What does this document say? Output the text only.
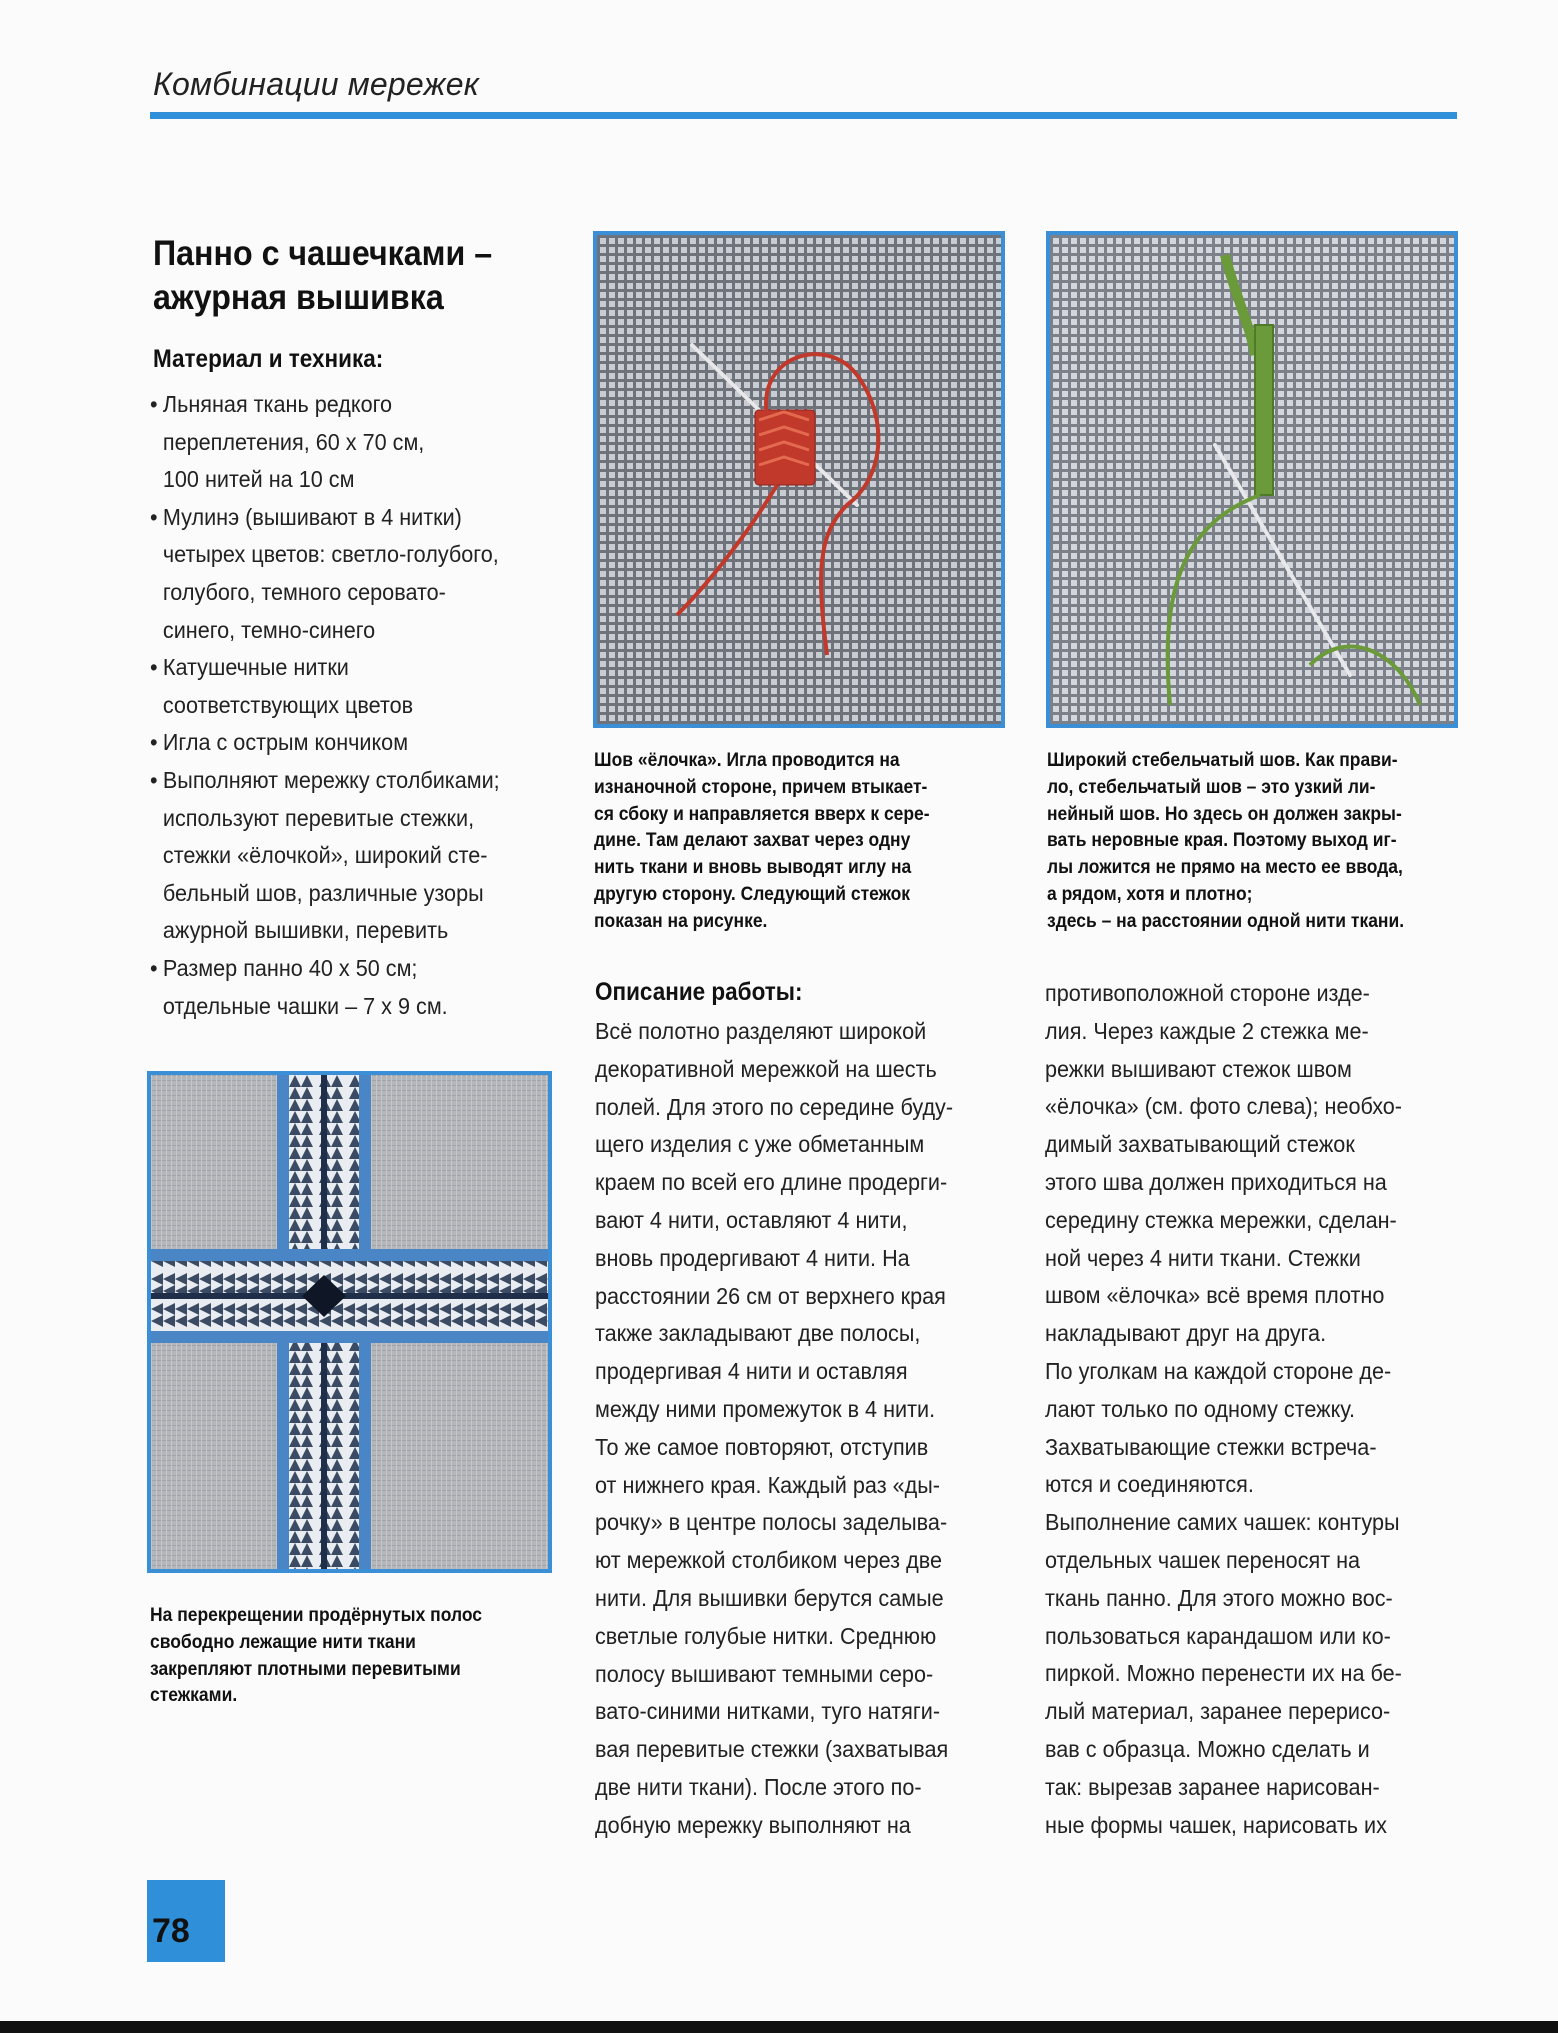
Комбинации мережек
Панно с чашечками –
ажурная вышивка
Материал и техника:
• Льняная ткань редкого
переплетения, 60 x 70 см,
100 нитей на 10 см
• Мулинэ (вышивают в 4 нитки)
четырех цветов: светло-голубого,
голубого, темного серовато-
синего, темно-синего
• Катушечные нитки
соответствующих цветов
• Игла с острым кончиком
• Выполняют мережку столбиками;
используют перевитые стежки,
стежки «ёлочкой», широкий сте-
бельный шов, различные узоры
ажурной вышивки, перевить
• Размер панно 40 x 50 см;
отдельные чашки – 7 x 9 см.
Шов «ёлочка». Игла проводится на
изнаночной стороне, причем втыкает-
ся сбоку и направляется вверх к сере-
дине. Там делают захват через одну
нить ткани и вновь выводят иглу на
другую сторону. Следующий стежок
показан на рисунке.
Широкий стебельчатый шов. Как прави-
ло, стебельчатый шов – это узкий ли-
нейный шов. Но здесь он должен закры-
вать неровные края. Поэтому выход иг-
лы ложится не прямо на место ее ввода,
а рядом, хотя и плотно;
здесь – на расстоянии одной нити ткани.
На перекрещении продёрнутых полос
свободно лежащие нити ткани
закрепляют плотными перевитыми
стежками.
Описание работы:
Всё полотно разделяют широкой
декоративной мережкой на шесть
полей. Для этого по середине буду-
щего изделия с уже обметанным
краем по всей его длине продерги-
вают 4 нити, оставляют 4 нити,
вновь продергивают 4 нити. На
расстоянии 26 см от верхнего края
также закладывают две полосы,
продергивая 4 нити и оставляя
между ними промежуток в 4 нити.
То же самое повторяют, отступив
от нижнего края. Каждый раз «ды-
рочку» в центре полосы заделыва-
ют мережкой столбиком через две
нити. Для вышивки берутся самые
светлые голубые нитки. Среднюю
полосу вышивают темными серо-
вато-синими нитками, туго натяги-
вая перевитые стежки (захватывая
две нити ткани). После этого по-
добную мережку выполняют на
противоположной стороне изде-
лия. Через каждые 2 стежка ме-
режки вышивают стежок швом
«ёлочка» (см. фото слева); необхо-
димый захватывающий стежок
этого шва должен приходиться на
середину стежка мережки, сделан-
ной через 4 нити ткани. Стежки
швом «ёлочка» всё время плотно
накладывают друг на друга.
По уголкам на каждой стороне де-
лают только по одному стежку.
Захватывающие стежки встреча-
ются и соединяются.
Выполнение самих чашек: контуры
отдельных чашек переносят на
ткань панно. Для этого можно вос-
пользоваться карандашом или ко-
пиркой. Можно перенести их на бе-
лый материал, заранее перерисо-
вав с образца. Можно сделать и
так: вырезав заранее нарисован-
ные формы чашек, нарисовать их
78
